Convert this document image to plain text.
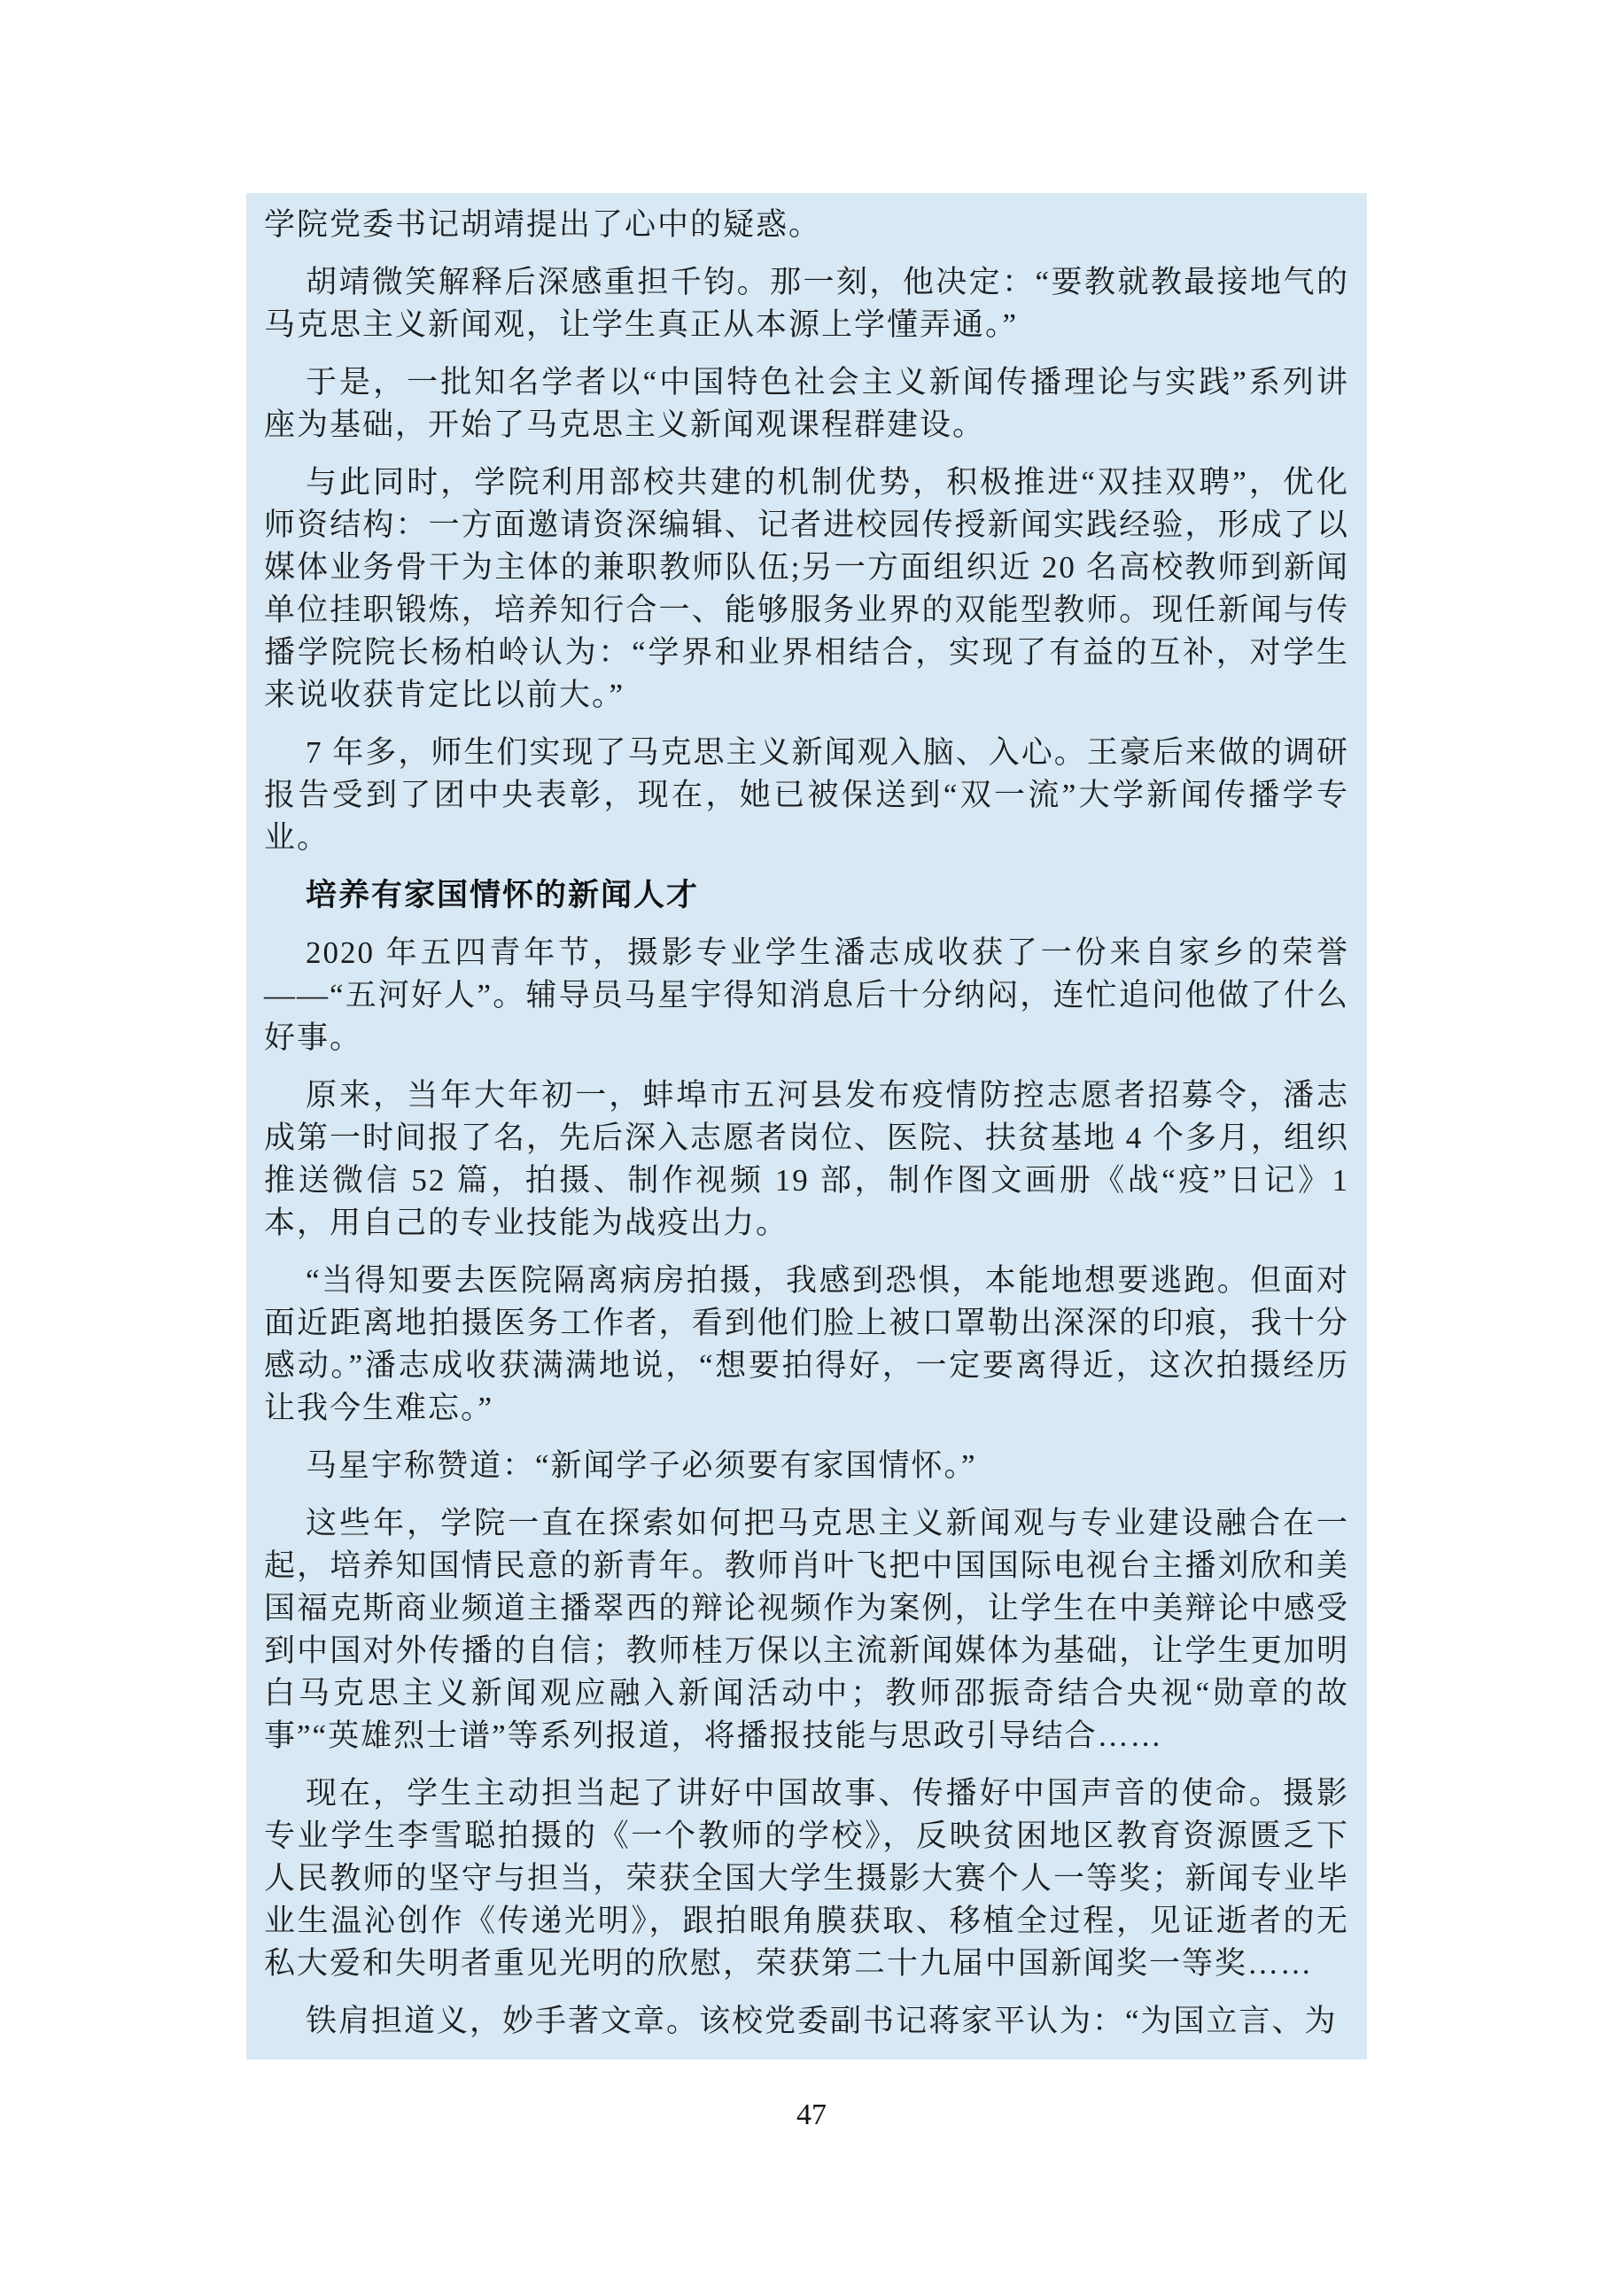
学院党委书记胡靖提出了心中的疑惑。

胡靖微笑解释后深感重担千钧。那一刻，他决定：“要教就教最接地气的马克思主义新闻观，让学生真正从本源上学懂弄通。”

于是，一批知名学者以“中国特色社会主义新闻传播理论与实践”系列讲座为基础，开始了马克思主义新闻观课程群建设。

与此同时，学院利用部校共建的机制优势，积极推进“双挂双聘”，优化师资结构：一方面邀请资深编辑、记者进校园传授新闻实践经验，形成了以媒体业务骨干为主体的兼职教师队伍;另一方面组织近 20 名高校教师到新闻单位挂职锻炼，培养知行合一、能够服务业界的双能型教师。现任新闻与传播学院院长杨柏岭认为：“学界和业界相结合，实现了有益的互补，对学生来说收获肯定比以前大。”

7 年多，师生们实现了马克思主义新闻观入脑、入心。王豪后来做的调研报告受到了团中央表彰，现在，她已被保送到“双一流”大学新闻传播学专业。

培养有家国情怀的新闻人才

2020 年五四青年节，摄影专业学生潘志成收获了一份来自家乡的荣誉——“五河好人”。辅导员马星宇得知消息后十分纳闷，连忙追问他做了什么好事。

原来，当年大年初一，蚌埠市五河县发布疫情防控志愿者招募令，潘志成第一时间报了名，先后深入志愿者岗位、医院、扶贫基地 4 个多月，组织推送微信 52 篇，拍摄、制作视频 19 部，制作图文画册《战“疫”日记》1 本，用自己的专业技能为战疫出力。

“当得知要去医院隔离病房拍摄，我感到恐惧，本能地想要逃跑。但面对面近距离地拍摄医务工作者，看到他们脸上被口罩勒出深深的印痕，我十分感动。”潘志成收获满满地说，“想要拍得好，一定要离得近，这次拍摄经历让我今生难忘。”

马星宇称赞道：“新闻学子必须要有家国情怀。”

这些年，学院一直在探索如何把马克思主义新闻观与专业建设融合在一起，培养知国情民意的新青年。教师肖叶飞把中国国际电视台主播刘欣和美国福克斯商业频道主播翠西的辩论视频作为案例，让学生在中美辩论中感受到中国对外传播的自信；教师桂万保以主流新闻媒体为基础，让学生更加明白马克思主义新闻观应融入新闻活动中；教师邵振奇结合央视“勋章的故事”“英雄烈士谱”等系列报道，将播报技能与思政引导结合……

现在，学生主动担当起了讲好中国故事、传播好中国声音的使命。摄影专业学生李雪聪拍摄的《一个教师的学校》，反映贫困地区教育资源匮乏下人民教师的坚守与担当，荣获全国大学生摄影大赛个人一等奖；新闻专业毕业生温沁创作《传递光明》，跟拍眼角膜获取、移植全过程，见证逝者的无私大爱和失明者重见光明的欣慰，荣获第二十九届中国新闻奖一等奖……

铁肩担道义，妙手著文章。该校党委副书记蒋家平认为：“为国立言、为

47
